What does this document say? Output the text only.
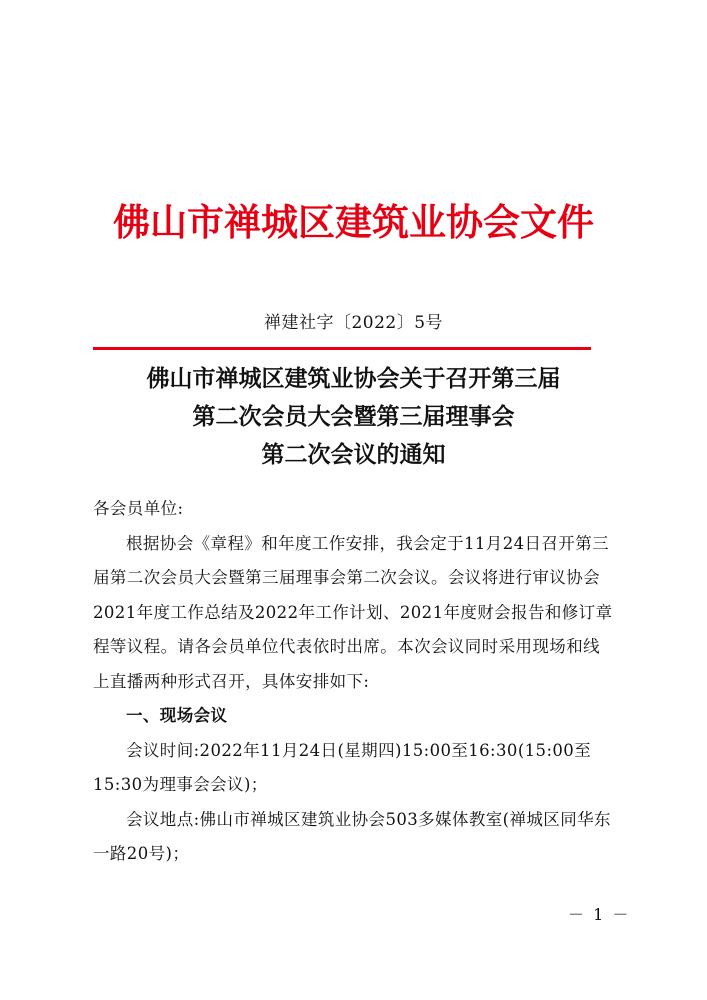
佛山市禅城区建筑业协会文件
禅建社字〔2022〕5号
佛山市禅城区建筑业协会关于召开第三届
第二次会员大会暨第三届理事会
第二次会议的通知

各会员单位:

根据协会《章程》和年度工作安排，我会定于11月24日召开第三届第二次会员大会暨第三届理事会第二次会议。会议将进行审议协会2021年度工作总结及2022年工作计划、2021年度财会报告和修订章程等议程。请各会员单位代表依时出席。本次会议同时采用现场和线上直播两种形式召开，具体安排如下:

一、现场会议

会议时间:2022年11月24日(星期四)15:00至16:30(15:00至15:30为理事会会议)；

会议地点:佛山市禅城区建筑业协会503多媒体教室(禅城区同华东一路20号)；

－ 1 －
